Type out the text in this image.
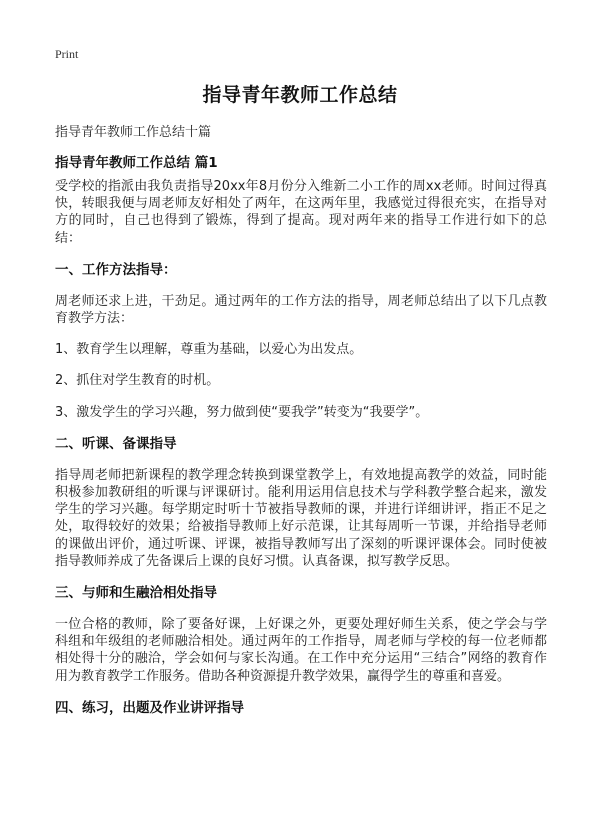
Print
指导青年教师工作总结
指导青年教师工作总结十篇
指导青年教师工作总结 篇1

受学校的指派由我负责指导20xx年8月份分入维新二小工作的周xx老师。时间过得真快，转眼我便与周老师友好相处了两年，在这两年里，我感觉过得很充实，在指导对方的同时，自己也得到了锻炼，得到了提高。现对两年来的指导工作进行如下的总结：

一、工作方法指导：

周老师还求上进，干劲足。通过两年的工作方法的指导，周老师总结出了以下几点教育教学方法：

1、教育学生以理解，尊重为基础，以爱心为出发点。

2、抓住对学生教育的时机。

3、激发学生的学习兴趣，努力做到使“要我学”转变为“我要学”。

二、听课、备课指导

指导周老师把新课程的教学理念转换到课堂教学上，有效地提高教学的效益，同时能积极参加教研组的听课与评课研讨。能利用运用信息技术与学科教学整合起来，激发学生的学习兴趣。每学期定时听十节被指导教师的课，并进行详细讲评，指正不足之处，取得较好的效果；给被指导教师上好示范课，让其每周听一节课，并给指导老师的课做出评价，通过听课、评课，被指导教师写出了深刻的听课评课体会。同时使被指导教师养成了先备课后上课的良好习惯。认真备课，拟写教学反思。

三、与师和生融洽相处指导

一位合格的教师，除了要备好课，上好课之外，更要处理好师生关系，使之学会与学科组和年级组的老师融洽相处。通过两年的工作指导，周老师与学校的每一位老师都相处得十分的融洽，学会如何与家长沟通。在工作中充分运用“三结合”网络的教育作用为教育教学工作服务。借助各种资源提升教学效果，赢得学生的尊重和喜爱。

四、练习，出题及作业讲评指导
